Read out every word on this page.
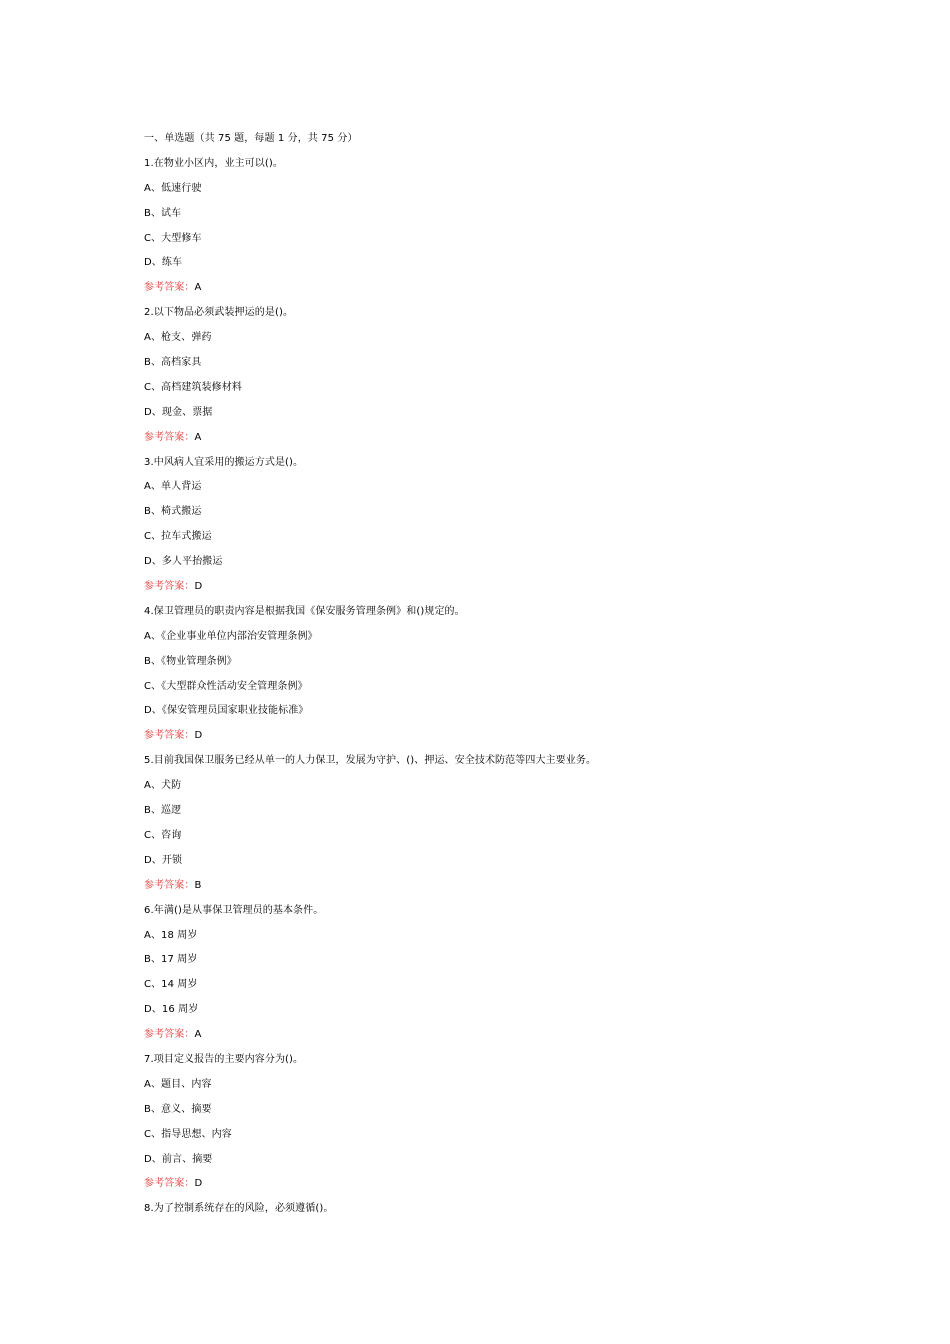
一、单选题（共 75 题，每题 1 分，共 75 分）
1.在物业小区内，业主可以()。
A、低速行驶
B、试车
C、大型修车
D、练车
参考答案：A
2.以下物品必须武装押运的是()。
A、枪支、弹药
B、高档家具
C、高档建筑装修材料
D、现金、票据
参考答案：A
3.中风病人宜采用的搬运方式是()。
A、单人背运
B、椅式搬运
C、拉车式搬运
D、多人平抬搬运
参考答案：D
4.保卫管理员的职责内容是根据我国《保安服务管理条例》和()规定的。
A、《企业事业单位内部治安管理条例》
B、《物业管理条例》
C、《大型群众性活动安全管理条例》
D、《保安管理员国家职业技能标准》
参考答案：D
5.目前我国保卫服务已经从单一的人力保卫，发展为守护、()、押运、安全技术防范等四大主要业务。
A、犬防
B、巡逻
C、咨询
D、开锁
参考答案：B
6.年满()是从事保卫管理员的基本条件。
A、18 周岁
B、17 周岁
C、14 周岁
D、16 周岁
参考答案：A
7.项目定义报告的主要内容分为()。
A、题目、内容
B、意义、摘要
C、指导思想、内容
D、前言、摘要
参考答案：D
8.为了控制系统存在的风险，必须遵循()。
